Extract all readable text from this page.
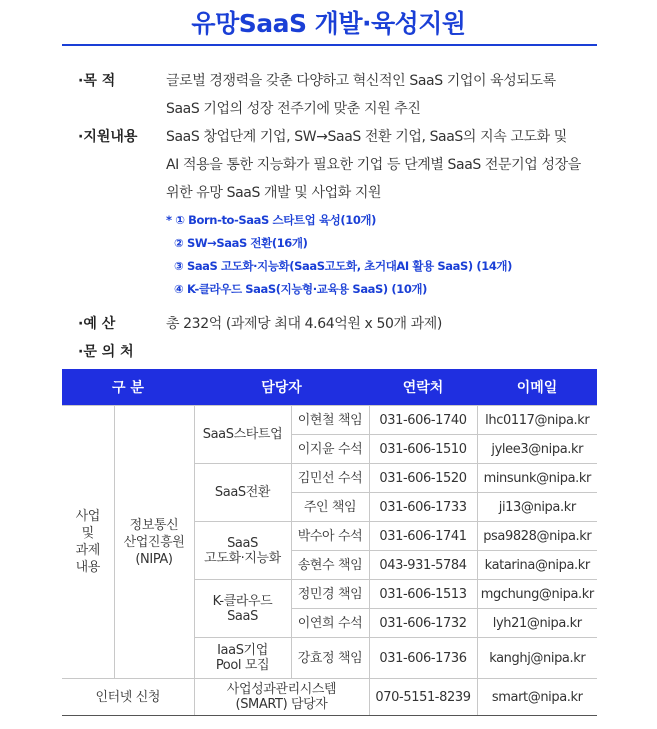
유망SaaS 개발·육성지원
·목 적	글로벌 경쟁력을 갖춘 다양하고 혁신적인 SaaS 기업이 육성되도록
SaaS 기업의 성장 전주기에 맞춘 지원 추진
·지원내용 SaaS 창업단계 기업, SW→SaaS 전환 기업, SaaS의 지속 고도화 및
AI 적용을 통한 지능화가 필요한 기업 등 단계별 SaaS 전문기업 성장을
위한 유망 SaaS 개발 및 사업화 지원
* ① Born-to-SaaS 스타트업 육성(10개)
② SW→SaaS 전환(16개)
③ SaaS 고도화·지능화(SaaS고도화, 초거대AI 활용 SaaS) (14개)
④ K-클라우드 SaaS(지능형·교육용 SaaS) (10개)
·예 산	총 232억 (과제당 최대 4.64억원 x 50개 과제)
·문 의 처
구 분		담당자		연락처	이메일
사업
및
과제
내용	정보통신
산업진흥원
(NIPA)	SaaS스타트업	이현철 책임	031-606-1740	lhc0117@nipa.kr
			이지윤 수석	031-606-1510	jylee3@nipa.kr
		SaaS전환	김민선 수석	031-606-1520	minsunk@nipa.kr
			주인 책임	031-606-1733	ji13@nipa.kr
		SaaS
고도화·지능화	박수아 수석	031-606-1741	psa9828@nipa.kr
			송현수 책임	043-931-5784	katarina@nipa.kr
		K-클라우드
SaaS	정민경 책임	031-606-1513	mgchung@nipa.kr
			이연희 수석	031-606-1732	lyh21@nipa.kr
		IaaS기업
Pool 모집	강효정 책임	031-606-1736	kanghj@nipa.kr
인터넷 신청		사업성과관리시스템
(SMART) 담당자		070-5151-8239	smart@nipa.kr
